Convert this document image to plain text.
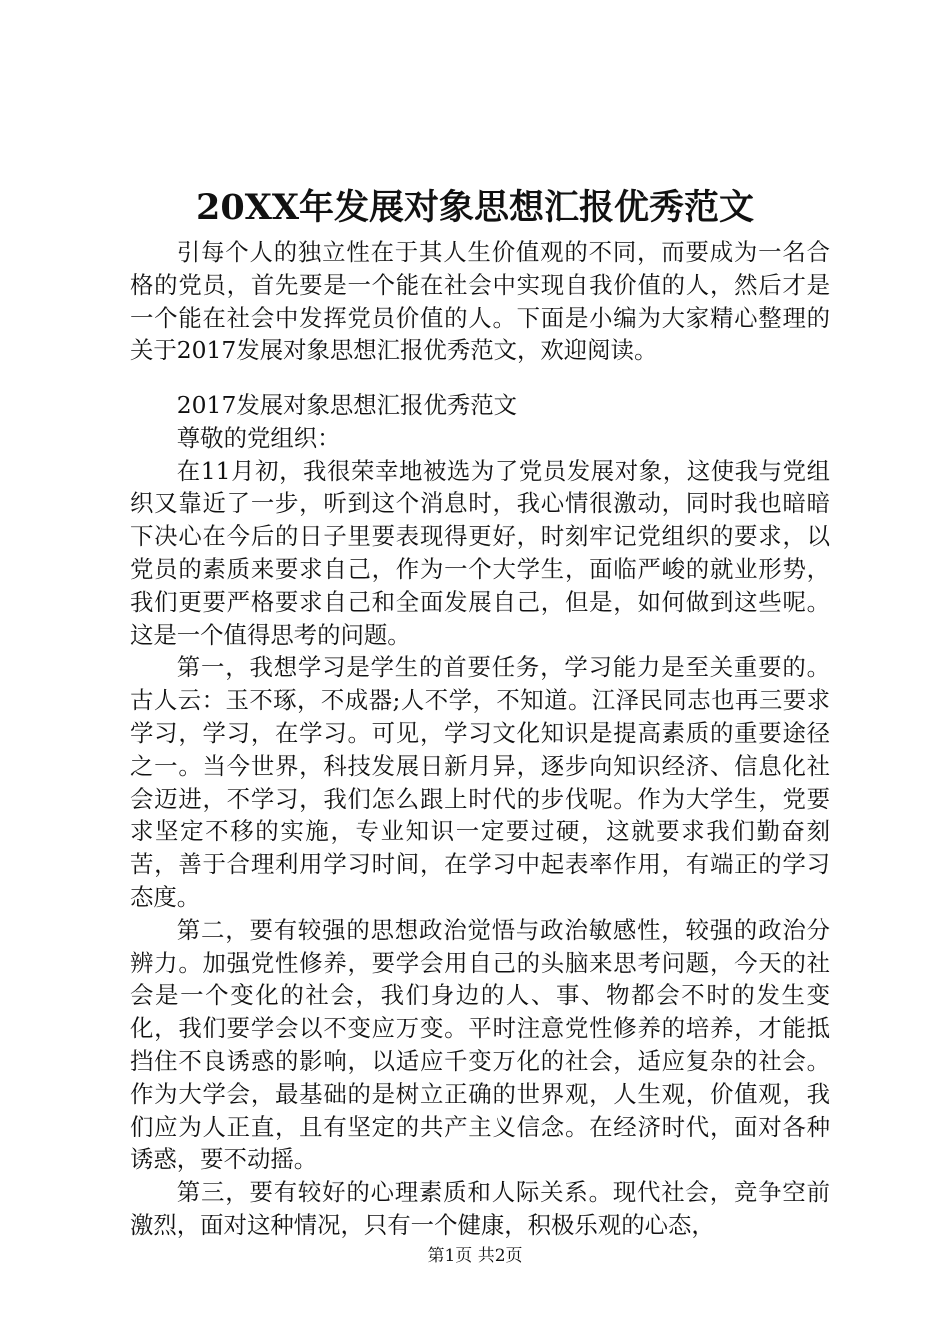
20XX年发展对象思想汇报优秀范文

引每个人的独立性在于其人生价值观的不同，而要成为一名合格的党员，首先要是一个能在社会中实现自我价值的人，然后才是一个能在社会中发挥党员价值的人。下面是小编为大家精心整理的关于2017发展对象思想汇报优秀范文，欢迎阅读。

2017发展对象思想汇报优秀范文

尊敬的党组织：

在11月初，我很荣幸地被选为了党员发展对象，这使我与党组织又靠近了一步，听到这个消息时，我心情很激动，同时我也暗暗下决心在今后的日子里要表现得更好，时刻牢记党组织的要求，以党员的素质来要求自己，作为一个大学生，面临严峻的就业形势，我们更要严格要求自己和全面发展自己，但是，如何做到这些呢。这是一个值得思考的问题。

第一，我想学习是学生的首要任务，学习能力是至关重要的。古人云：玉不琢，不成器;人不学，不知道。江泽民同志也再三要求学习，学习，在学习。可见，学习文化知识是提高素质的重要途径之一。当今世界，科技发展日新月异，逐步向知识经济、信息化社会迈进，不学习，我们怎么跟上时代的步伐呢。作为大学生，党要求坚定不移的实施，专业知识一定要过硬，这就要求我们勤奋刻苦，善于合理利用学习时间，在学习中起表率作用，有端正的学习态度。

第二，要有较强的思想政治觉悟与政治敏感性，较强的政治分辨力。加强党性修养，要学会用自己的头脑来思考问题，今天的社会是一个变化的社会，我们身边的人、事、物都会不时的发生变化，我们要学会以不变应万变。平时注意党性修养的培养，才能抵挡住不良诱惑的影响，以适应千变万化的社会，适应复杂的社会。作为大学会，最基础的是树立正确的世界观，人生观，价值观，我们应为人正直，且有坚定的共产主义信念。在经济时代，面对各种诱惑，要不动摇。

第三，要有较好的心理素质和人际关系。现代社会，竞争空前激烈，面对这种情况，只有一个健康，积极乐观的心态，

第1页 共2页
